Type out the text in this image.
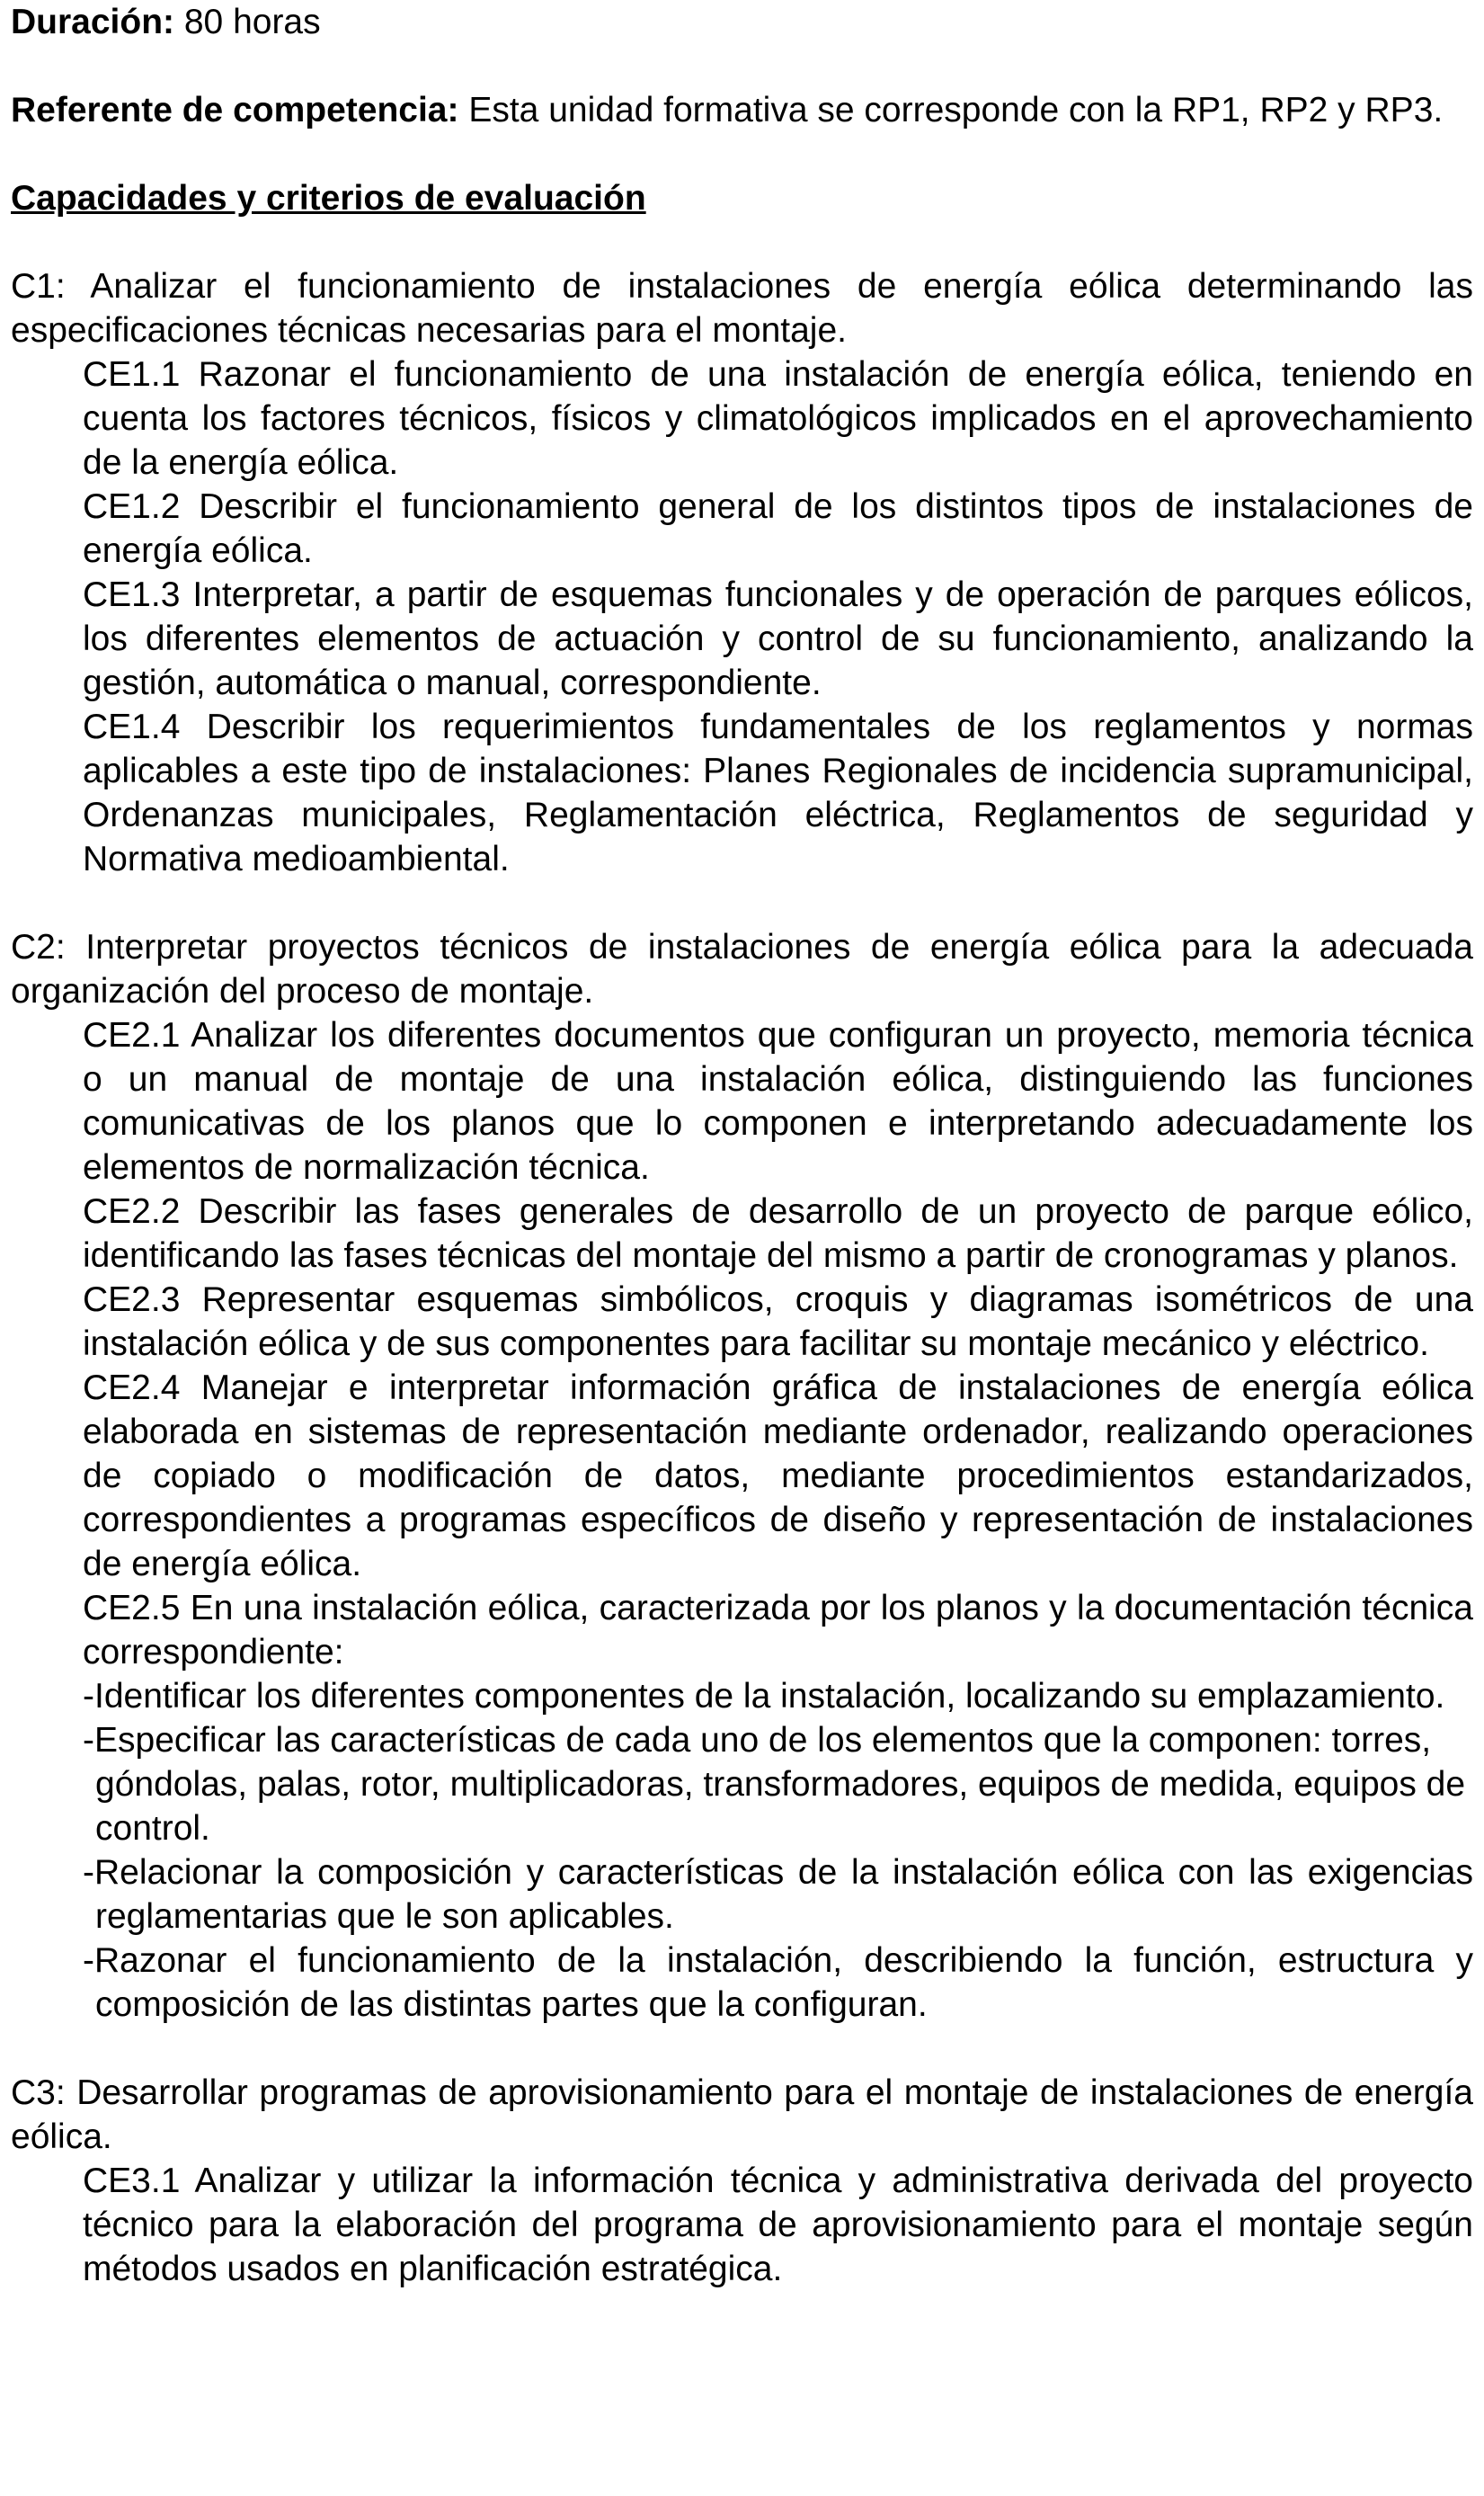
Duración: 80 horas

Referente de competencia: Esta unidad formativa se corresponde con la RP1, RP2 y RP3.

Capacidades y criterios de evaluación

C1: Analizar el funcionamiento de instalaciones de energía eólica determinando las especificaciones técnicas necesarias para el montaje.

CE1.1 Razonar el funcionamiento de una instalación de energía eólica, teniendo en cuenta los factores técnicos, físicos y climatológicos implicados en el aprovechamiento de la energía eólica.

CE1.2 Describir el funcionamiento general de los distintos tipos de instalaciones de energía eólica.

CE1.3 Interpretar, a partir de esquemas funcionales y de operación de parques eólicos, los diferentes elementos de actuación y control de su funcionamiento, analizando la gestión, automática o manual, correspondiente.

CE1.4 Describir los requerimientos fundamentales de los reglamentos y normas aplicables a este tipo de instalaciones: Planes Regionales de incidencia supramunicipal, Ordenanzas municipales, Reglamentación eléctrica, Reglamentos de seguridad y Normativa medioambiental.

C2: Interpretar proyectos técnicos de instalaciones de energía eólica para la adecuada organización del proceso de montaje.

CE2.1 Analizar los diferentes documentos que configuran un proyecto, memoria técnica o un manual de montaje de una instalación eólica, distinguiendo las funciones comunicativas de los planos que lo componen e interpretando adecuadamente los elementos de normalización técnica.

CE2.2 Describir las fases generales de desarrollo de un proyecto de parque eólico, identificando las fases técnicas del montaje del mismo a partir de cronogramas y planos.

CE2.3 Representar esquemas simbólicos, croquis y diagramas isométricos de una instalación eólica y de sus componentes para facilitar su montaje mecánico y eléctrico.

CE2.4 Manejar e interpretar información gráfica de instalaciones de energía eólica elaborada en sistemas de representación mediante ordenador, realizando operaciones de copiado o modificación de datos, mediante procedimientos estandarizados, correspondientes a programas específicos de diseño y representación de instalaciones de energía eólica.

CE2.5 En una instalación eólica, caracterizada por los planos y la documentación técnica correspondiente:

-Identificar los diferentes componentes de la instalación, localizando su emplazamiento.

-Especificar las características de cada uno de los elementos que la componen: torres, góndolas, palas, rotor, multiplicadoras, transformadores, equipos de medida, equipos de control.

-Relacionar la composición y características de la instalación eólica con las exigencias reglamentarias que le son aplicables.

-Razonar el funcionamiento de la instalación, describiendo la función, estructura y composición de las distintas partes que la configuran.

C3: Desarrollar programas de aprovisionamiento para el montaje de instalaciones de energía eólica.

CE3.1 Analizar y utilizar la información técnica y administrativa derivada del proyecto técnico para la elaboración del programa de aprovisionamiento para el montaje según métodos usados en planificación estratégica.
